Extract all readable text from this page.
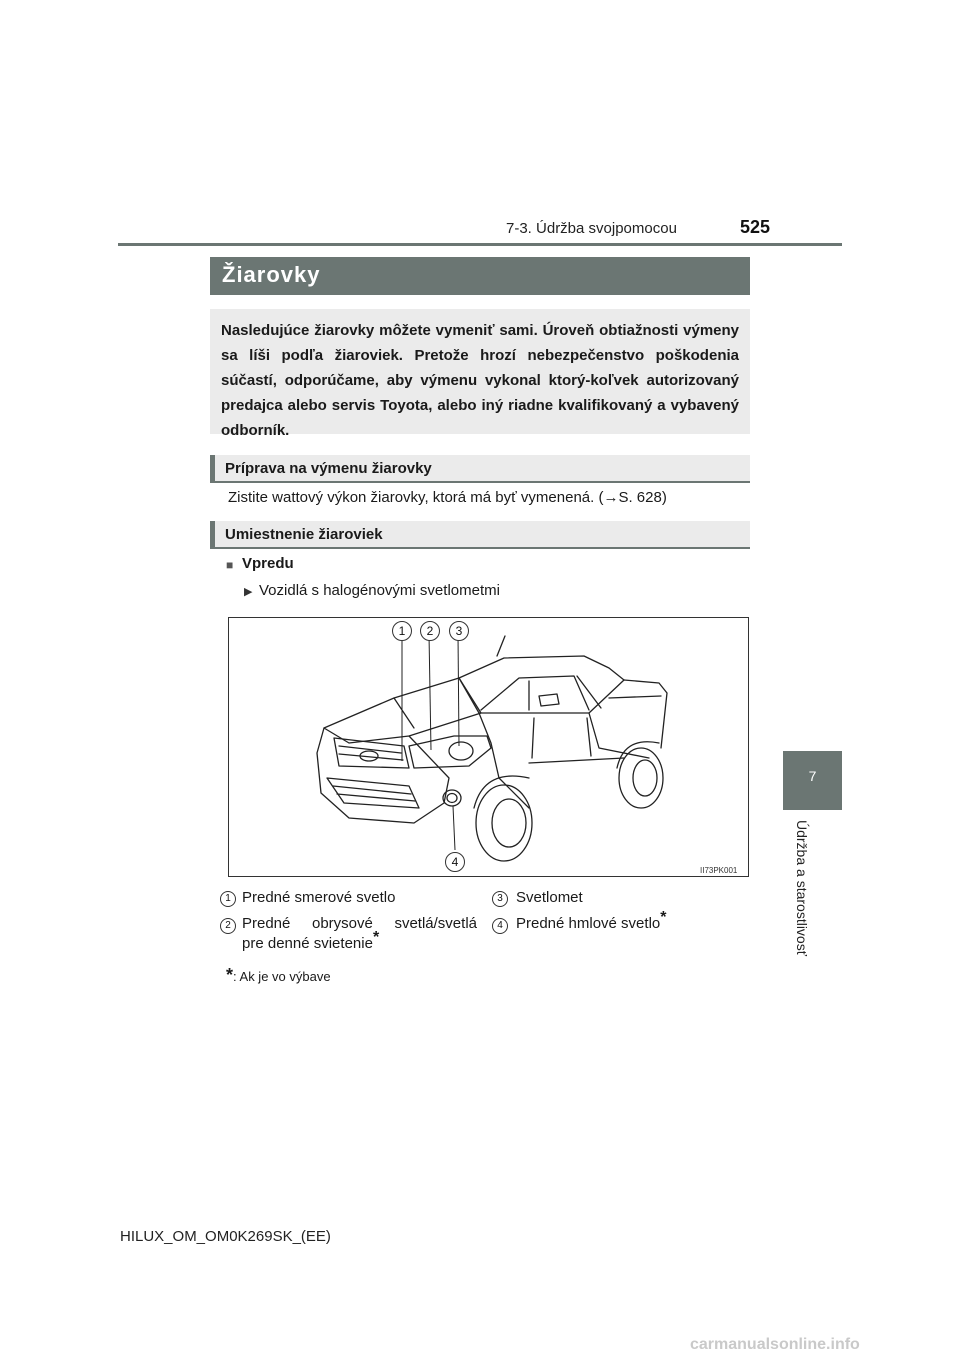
7-3. Údržba svojpomocou	525
7
Údržba a starostlivosť
Žiarovky
Nasledujúce žiarovky môžete vymeniť sami. Úroveň obtiažnosti výmeny sa líši podľa žiaroviek. Pretože hrozí nebezpečenstvo poškodenia súčastí, odporúčame, aby výmenu vykonal ktorý-koľvek autorizovaný predajca alebo servis Toyota, alebo iný riadne kvalifikovaný a vybavený odborník.
Príprava na výmenu žiarovky
Zistite wattový výkon žiarovky, ktorá má byť vymenená. (→S. 628)
Umiestnenie žiaroviek
■ Vpredu
▶ Vozidlá s halogénovými svetlometmi
1	2	3
4
II73PK001
1 Predné smerové svetlo
2 Predné obrysové svetlá/svetlá
pre denné svietenie*
3 Svetlomet
4 Predné hmlové svetlo*
*: Ak je vo výbave
HILUX_OM_OM0K269SK_(EE)
carmanualsonline.info
